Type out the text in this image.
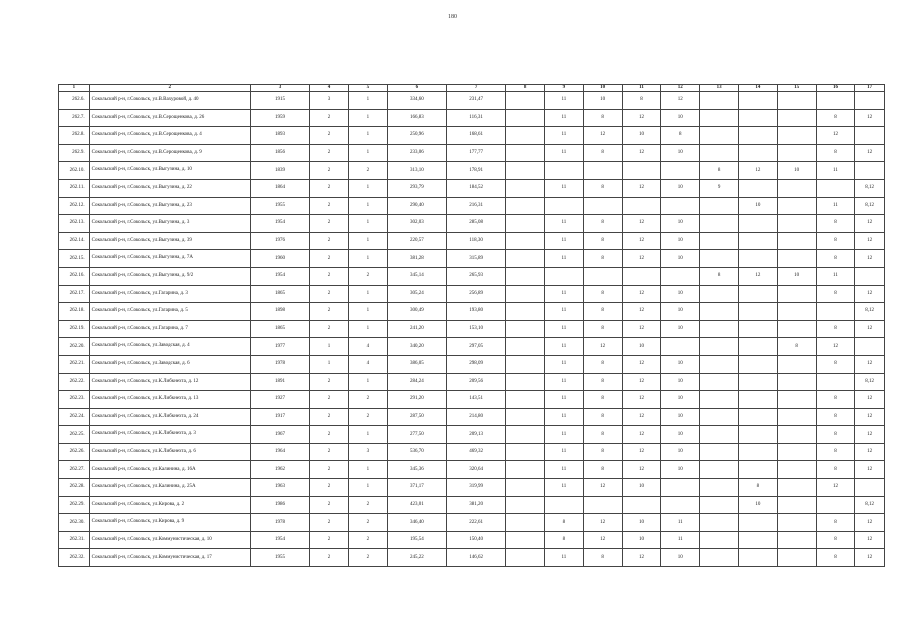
180
1	2	3	4	5	6	7	8	9	10	11	12	13	14	15	16	17
262.6.	Сокольский р-н, г.Сокольск, ул.В.Вахуровой, д. 40	1915	3	1	334,60	231,47		11	10	8	12					
262.7.	Сокольский р-н, г.Сокольск, ул.В.Серощенкова, д. 26	1959	2	1	166,83	116,31		11	8	12	10				8	12
262.8.	Сокольский р-н, г.Сокольск, ул.В.Серощенкова, д. 4	1893	2	1	250,96	168,61		11	12	10	8				12	
262.9.	Сокольский р-н, г.Сокольск, ул.В.Серощенкова, д. 9	1856	2	1	233,06	177,77		11	8	12	10				8	12
262.10.	Сокольский р-н, г.Сокольск, ул.Выгузина, д. 10	1839	2	2	313,10	178,91						8	12	10	11	
262.11.	Сокольский р-н, г.Сокольск, ул.Выгузина, д. 22	1864	2	1	293,79	184,52		11	8	12	10	9				8,12
262.12.	Сокольский р-н, г.Сокольск, ул.Выгузина, д. 23	1955	2	1	290,40	216,31							10		11	8,12
262.13.	Сокольский р-н, г.Сокольск, ул.Выгузина, д. 3	1954	2	1	302,03	285,08		11	8	12	10				8	12
262.14.	Сокольский р-н, г.Сокольск, ул.Выгузина, д. 39	1976	2	1	220,57	118,30		11	8	12	10				8	12
262.15.	Сокольский р-н, г.Сокольск, ул.Выгузина, д. 7А	1960	2	1	381,28	315,89		11	8	12	10				8	12
262.16.	Сокольский р-н, г.Сокольск, ул.Выгузина, д. 9/2	1954	2	2	345,14	265,93						8	12	10	11	
262.17.	Сокольский р-н, г.Сокольск, ул.Гагарина, д. 3	1865	2	1	305,24	256,89		11	8	12	10				8	12
262.18.	Сокольский р-н, г.Сокольск, ул.Гагарина, д. 5	1898	2	1	300,49	193,80		11	8	12	10					8,12
262.19.	Сокольский р-н, г.Сокольск, ул.Гагарина, д. 7	1865	2	1	241,20	153,10		11	8	12	10				8	12
262.20.	Сокольский р-н, г.Сокольск, ул.Заводская, д. 4	1977	1	4	340,20	297,05		11	12	10				8	12	
262.21.	Сокольский р-н, г.Сокольск, ул.Заводская, д. 6	1978	1	4	386,05	298,09		11	8	12	10				8	12
262.22.	Сокольский р-н, г.Сокольск, ул.К.Либкнехта, д. 12	1891	2	1	284,24	209,56		11	8	12	10					8,12
262.23.	Сокольский р-н, г.Сокольск, ул.К.Либкнехта, д. 13	1927	2	2	291,20	143,51		11	8	12	10				8	12
262.24.	Сокольский р-н, г.Сокольск, ул.К.Либкнехта, д. 24	1917	2	2	287,50	214,80		11	8	12	10				8	12
262.25.	Сокольский р-н, г.Сокольск, ул.К.Либкнехта, д. 3	1967	2	1	277,50	209,13		11	8	12	10				8	12
262.26.	Сокольский р-н, г.Сокольск, ул.К.Либкнехта, д. 6	1964	2	3	536,70	469,32		11	8	12	10				8	12
262.27.	Сокольский р-н, г.Сокольск, ул.Калинина, д. 16А	1962	2	1	345,36	320,64		11	8	12	10				8	12
262.28.	Сокольский р-н, г.Сокольск, ул.Калинина, д. 25А	1963	2	1	371,17	319,99		11	12	10			8		12	
262.29.	Сокольский р-н, г.Сокольск, ул.Кирова, д. 2	1986	2	2	423,01	381,20							10			8,12
262.30.	Сокольский р-н, г.Сокольск, ул.Кирова, д. 9	1978	2	2	346,40	222,61		8	12	10	11				8	12
262.31.	Сокольский р-н, г.Сокольск, ул.Коммунистическая, д. 10	1954	2	2	195,54	150,40		8	12	10	11				8	12
262.32.	Сокольский р-н, г.Сокольск, ул.Коммунистическая, д. 17	1955	2	2	245,22	146,62		11	8	12	10				8	12
